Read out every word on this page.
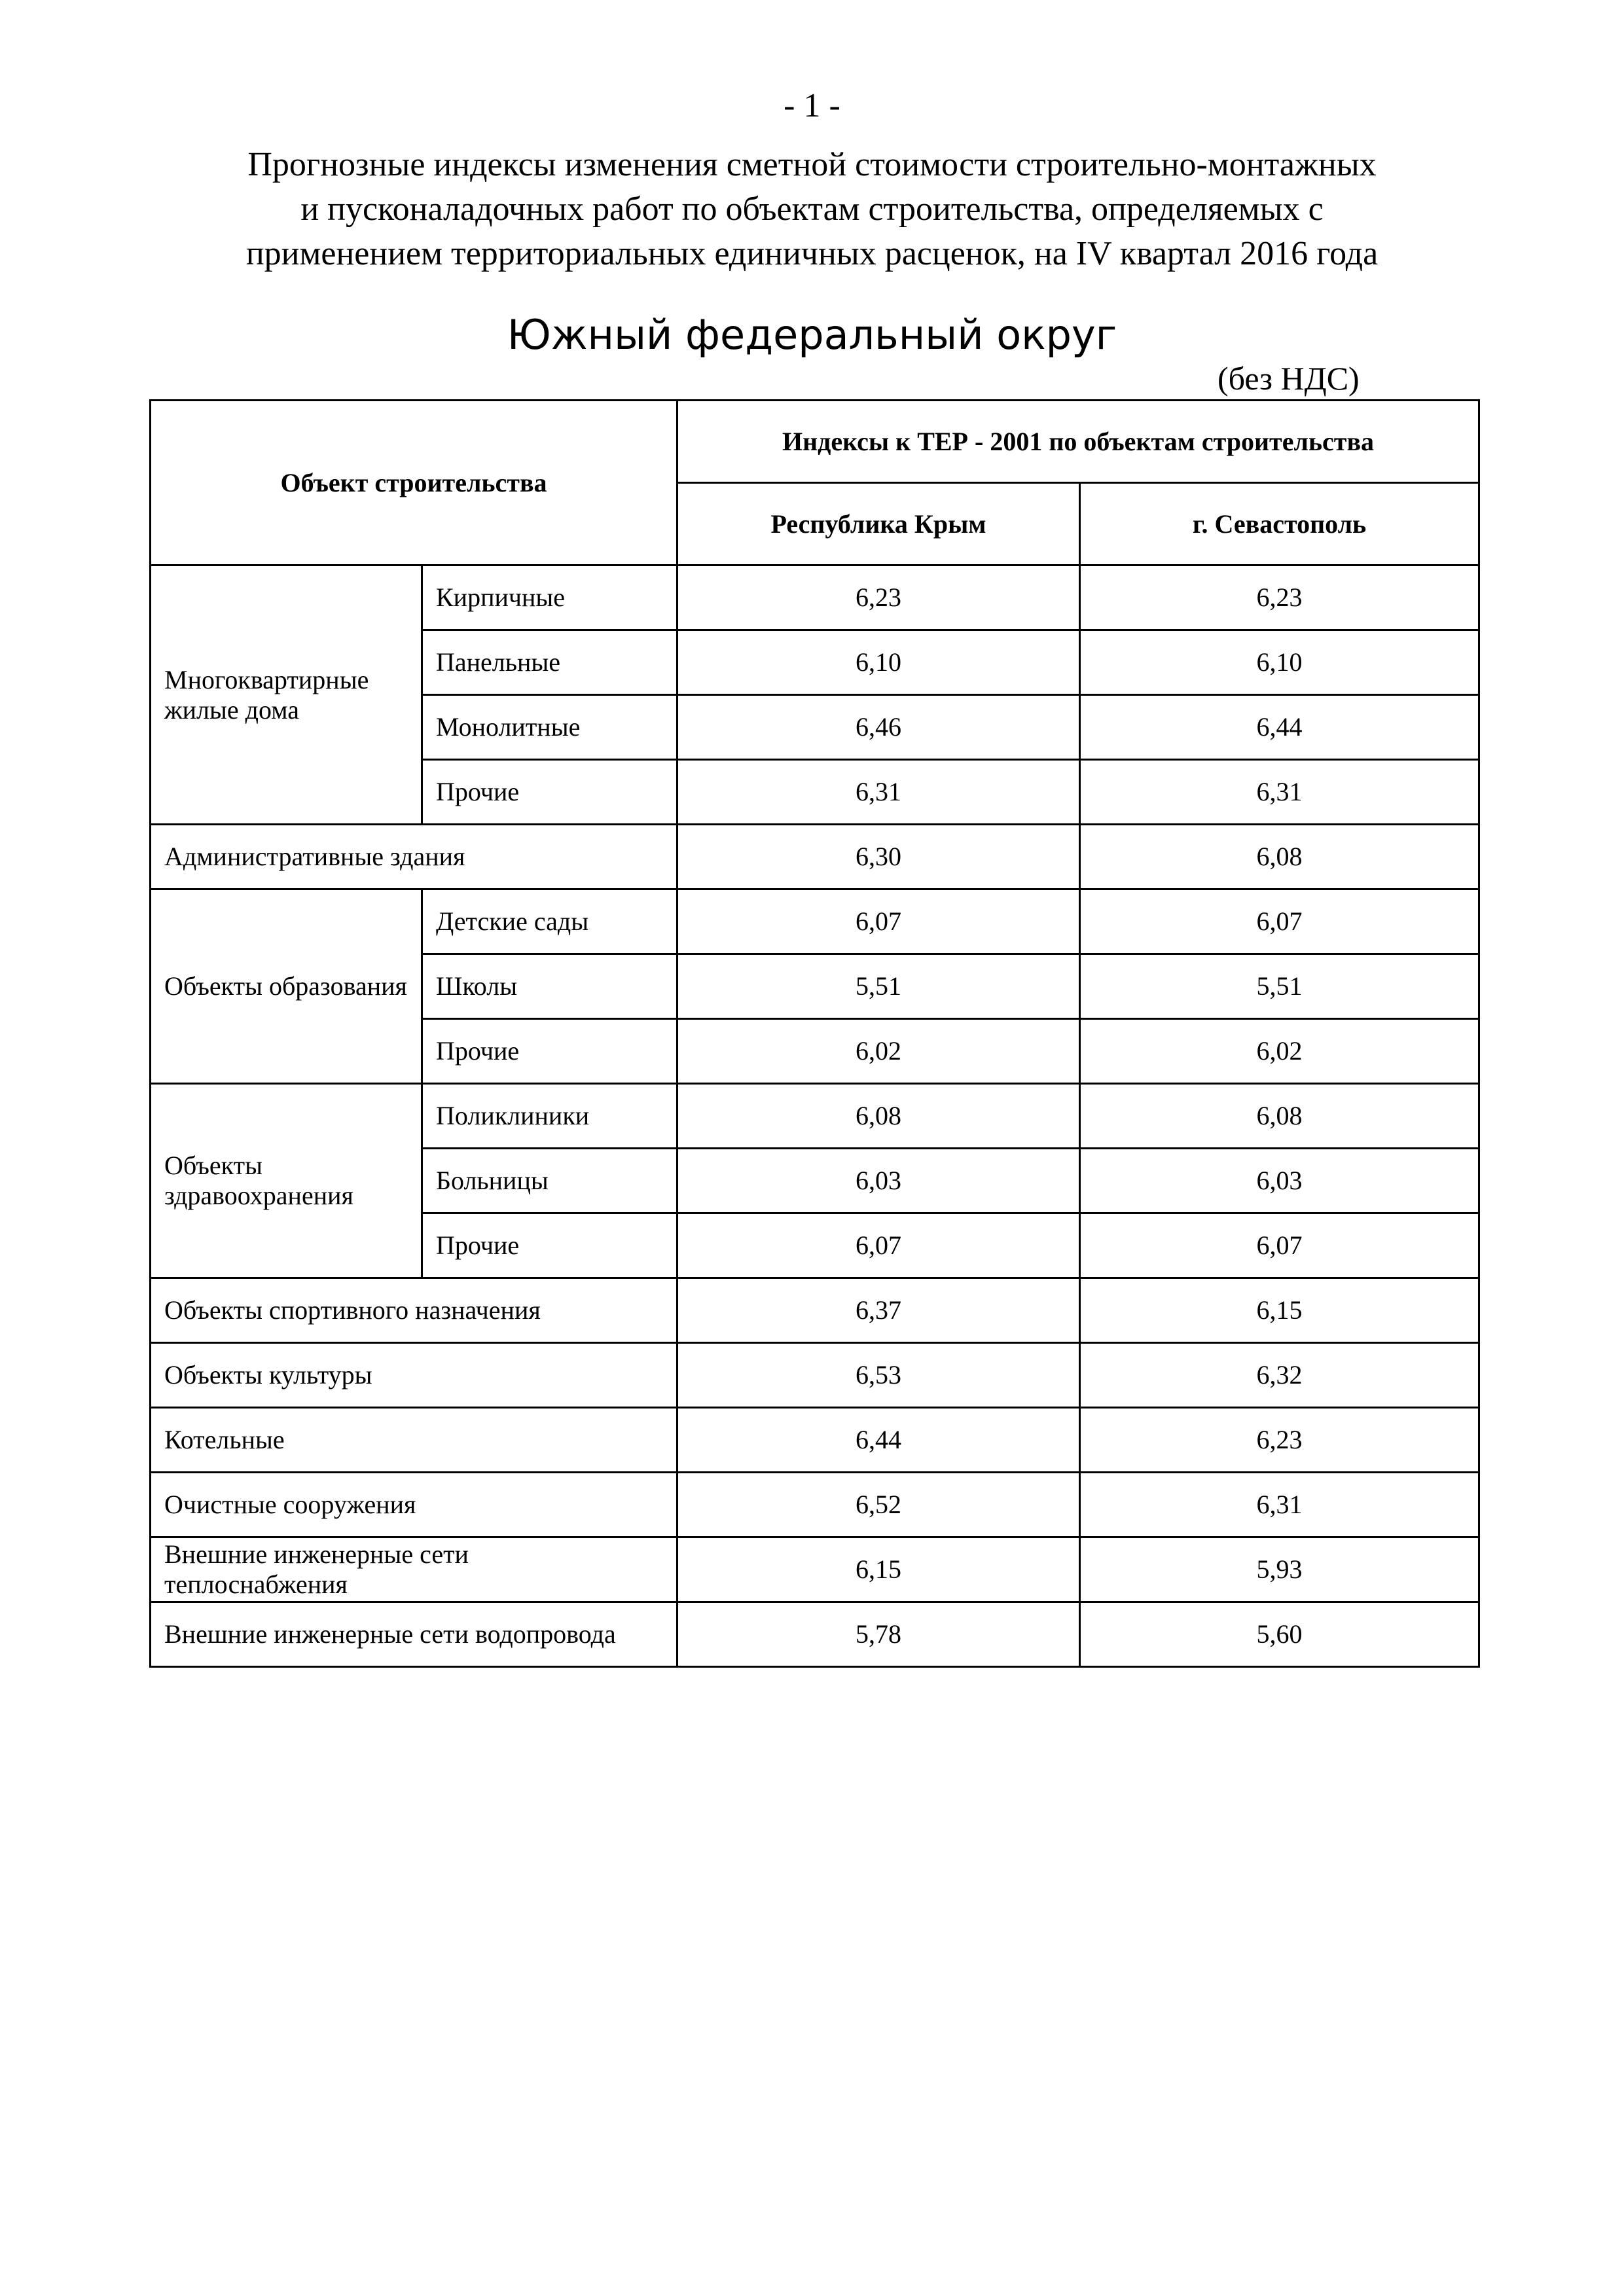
- 1 -
Прогнозные индексы изменения сметной стоимости строительно-монтажных
и пусконаладочных работ по объектам строительства, определяемых с
применением территориальных единичных расценок, на IV квартал 2016 года
Южный федеральный округ
(без НДС)
Объект строительства		Индексы к ТЕР - 2001 по объектам строительства	
		Республика Крым	г. Севастополь
Многоквартирные жилые дома	Кирпичные	6,23	6,23
	Панельные	6,10	6,10
	Монолитные	6,46	6,44
	Прочие	6,31	6,31
Административные здания		6,30	6,08
Объекты образования	Детские сады	6,07	6,07
	Школы	5,51	5,51
	Прочие	6,02	6,02
Объекты здравоохранения	Поликлиники	6,08	6,08
	Больницы	6,03	6,03
	Прочие	6,07	6,07
Объекты спортивного назначения		6,37	6,15
Объекты культуры		6,53	6,32
Котельные		6,44	6,23
Очистные сооружения		6,52	6,31
Внешние инженерные сети теплоснабжения		6,15	5,93
Внешние инженерные сети водопровода		5,78	5,60
